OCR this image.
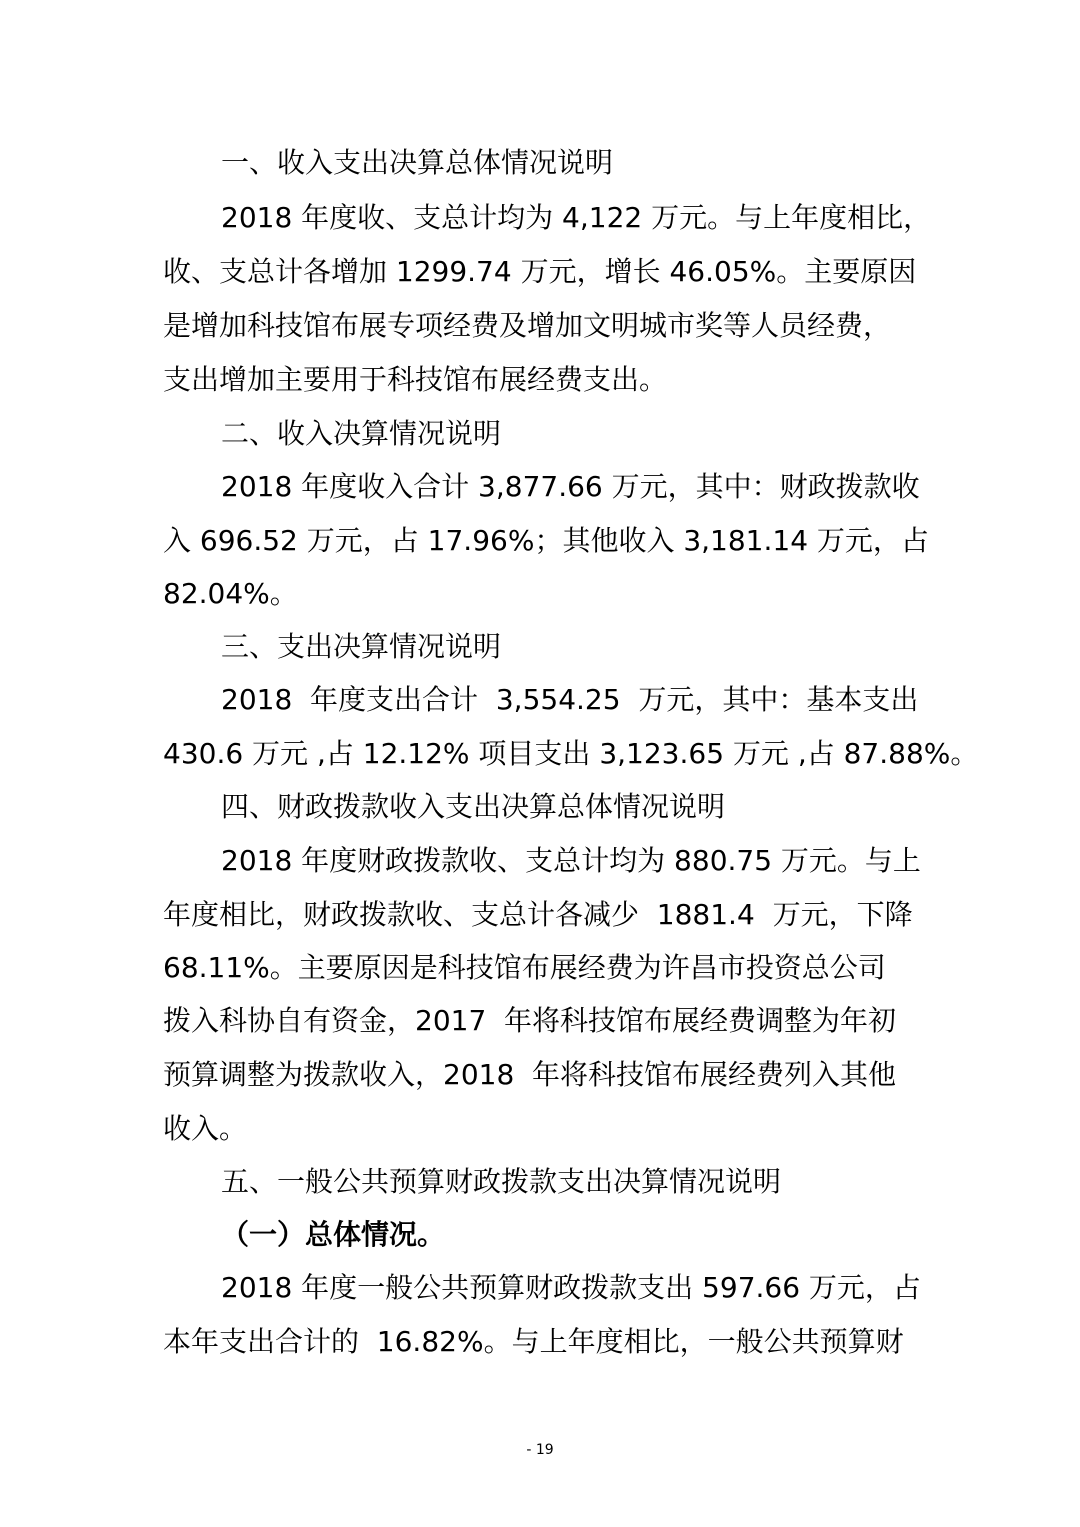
一、收入支出决算总体情况说明
2018 年度收、支总计均为 4,122 万元。与上年度相比，
收、支总计各增加 1299.74 万元，增长 46.05%。主要原因
是增加科技馆布展专项经费及增加文明城市奖等人员经费，
支出增加主要用于科技馆布展经费支出。
二、收入决算情况说明
2018 年度收入合计 3,877.66 万元，其中：财政拨款收
入 696.52 万元，占 17.96%；其他收入 3,181.14 万元，占
82.04%。
三、支出决算情况说明
2018  年度支出合计  3,554.25  万元，其中：基本支出
430.6 万元 ,占 12.12% 项目支出 3,123.65 万元 ,占 87.88%。
四、财政拨款收入支出决算总体情况说明
2018 年度财政拨款收、支总计均为 880.75 万元。与上
年度相比，财政拨款收、支总计各减少  1881.4  万元，下降
68.11%。主要原因是科技馆布展经费为许昌市投资总公司
拨入科协自有资金，2017  年将科技馆布展经费调整为年初
预算调整为拨款收入，2018  年将科技馆布展经费列入其他
收入。
五、一般公共预算财政拨款支出决算情况说明
（一）总体情况。
2018 年度一般公共预算财政拨款支出 597.66 万元，占
本年支出合计的  16.82%。与上年度相比，一般公共预算财
- 19
